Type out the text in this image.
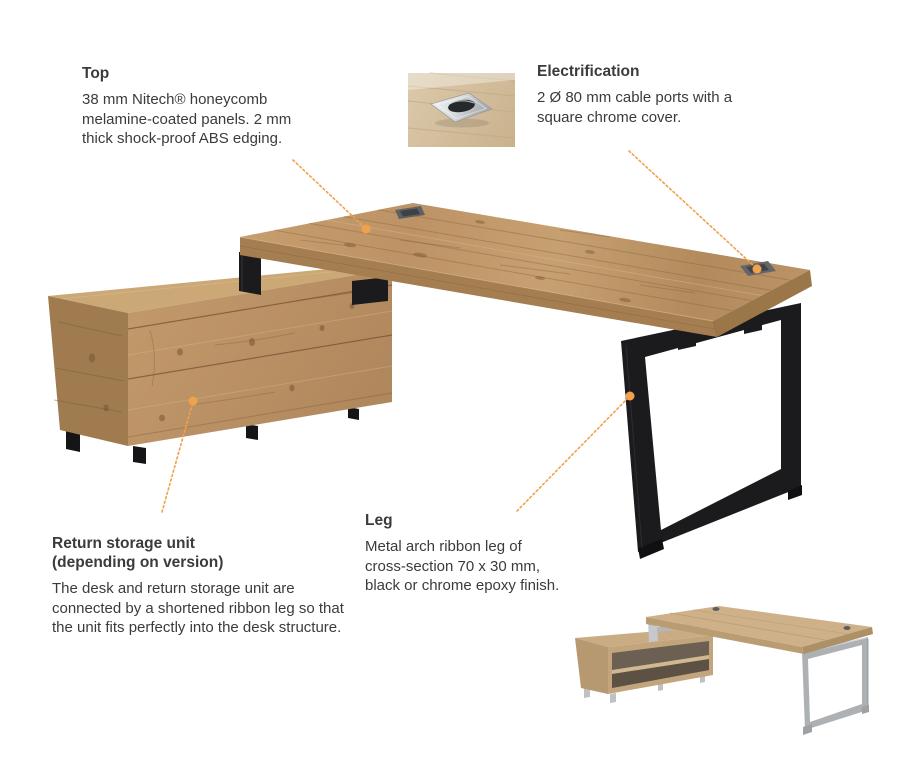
Top

38 mm Nitech® honeycomb melamine-coated panels. 2 mm thick shock-proof ABS edging.

Electrification

2 Ø 80 mm cable ports with a square chrome cover.

Return storage unit
(depending on version)

The desk and return storage unit are connected by a shortened ribbon leg so that the unit fits perfectly into the desk structure.

Leg

Metal arch ribbon leg of cross-section 70 x 30 mm, black or chrome epoxy finish.
